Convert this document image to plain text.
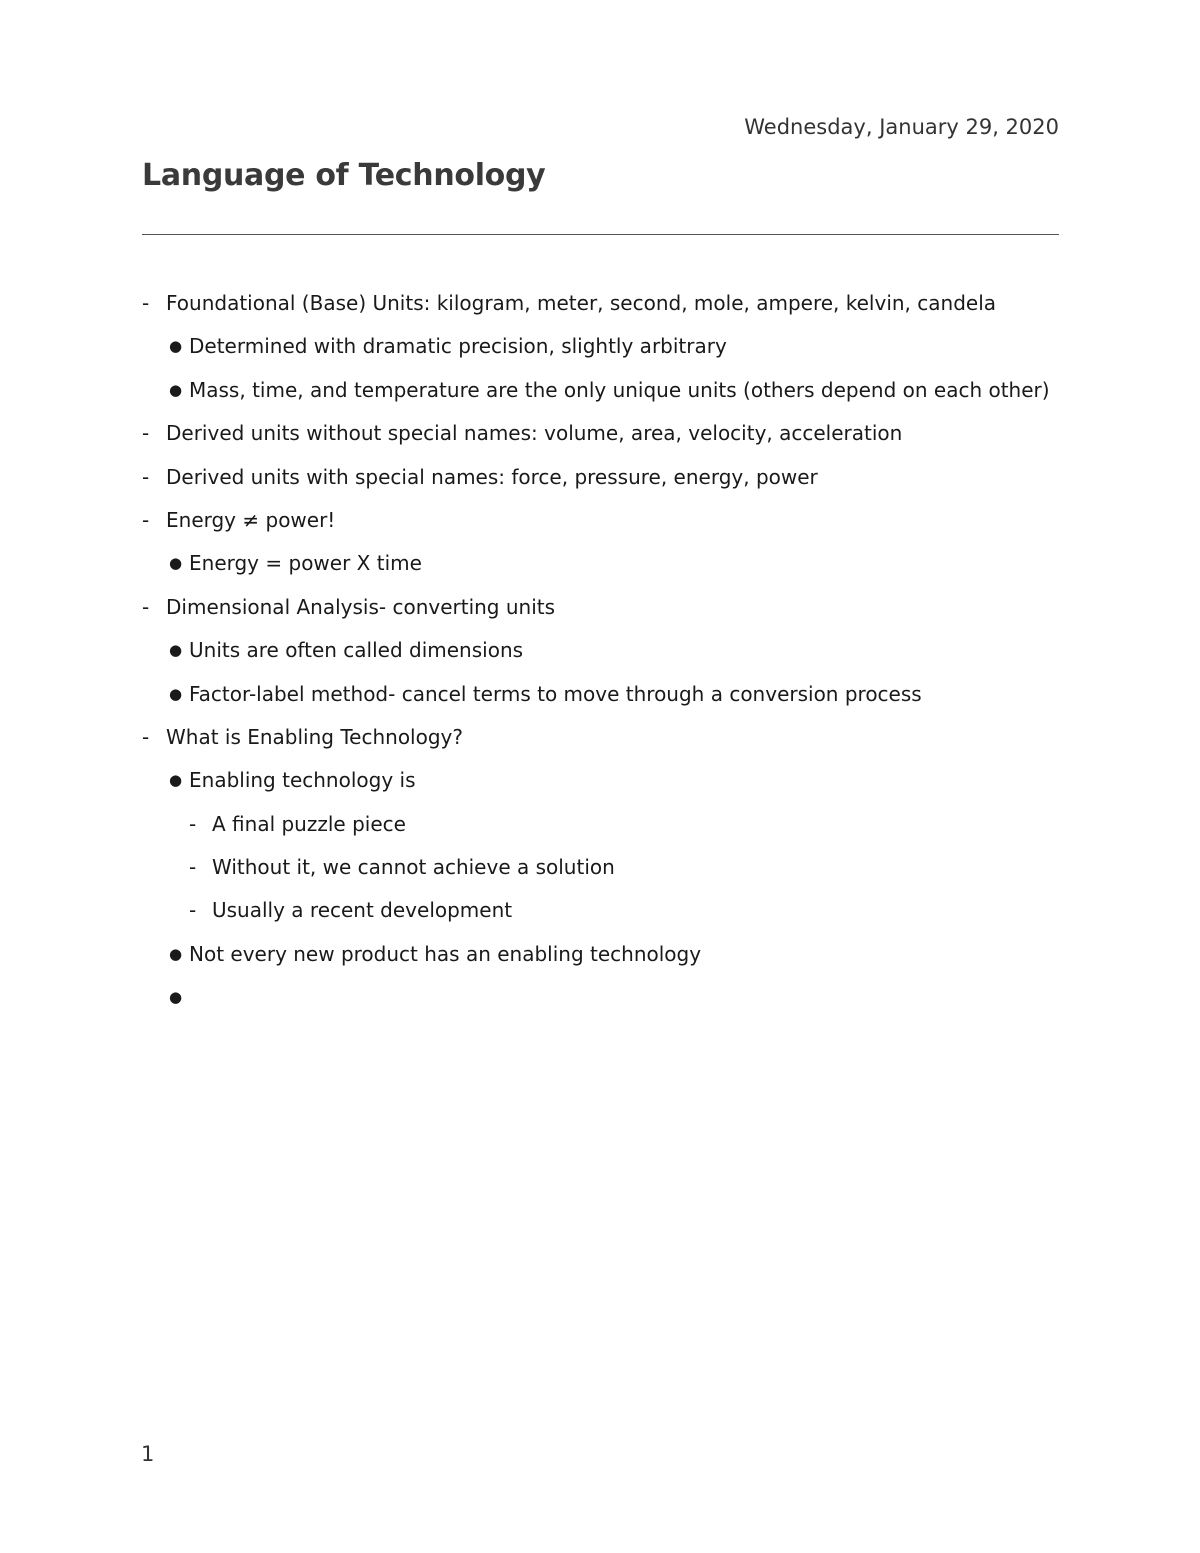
Wednesday, January 29, 2020
Language of Technology
- Foundational (Base) Units: kilogram, meter, second, mole, ampere, kelvin, candela
● Determined with dramatic precision, slightly arbitrary
● Mass, time, and temperature are the only unique units (others depend on each other)
- Derived units without special names: volume, area, velocity, acceleration
- Derived units with special names: force, pressure, energy, power
- Energy ≠ power!
● Energy = power X time
- Dimensional Analysis- converting units
● Units are often called dimensions
● Factor-label method- cancel terms to move through a conversion process
- What is Enabling Technology?
● Enabling technology is
- A final puzzle piece
- Without it, we cannot achieve a solution
- Usually a recent development
● Not every new product has an enabling technology
●
1
